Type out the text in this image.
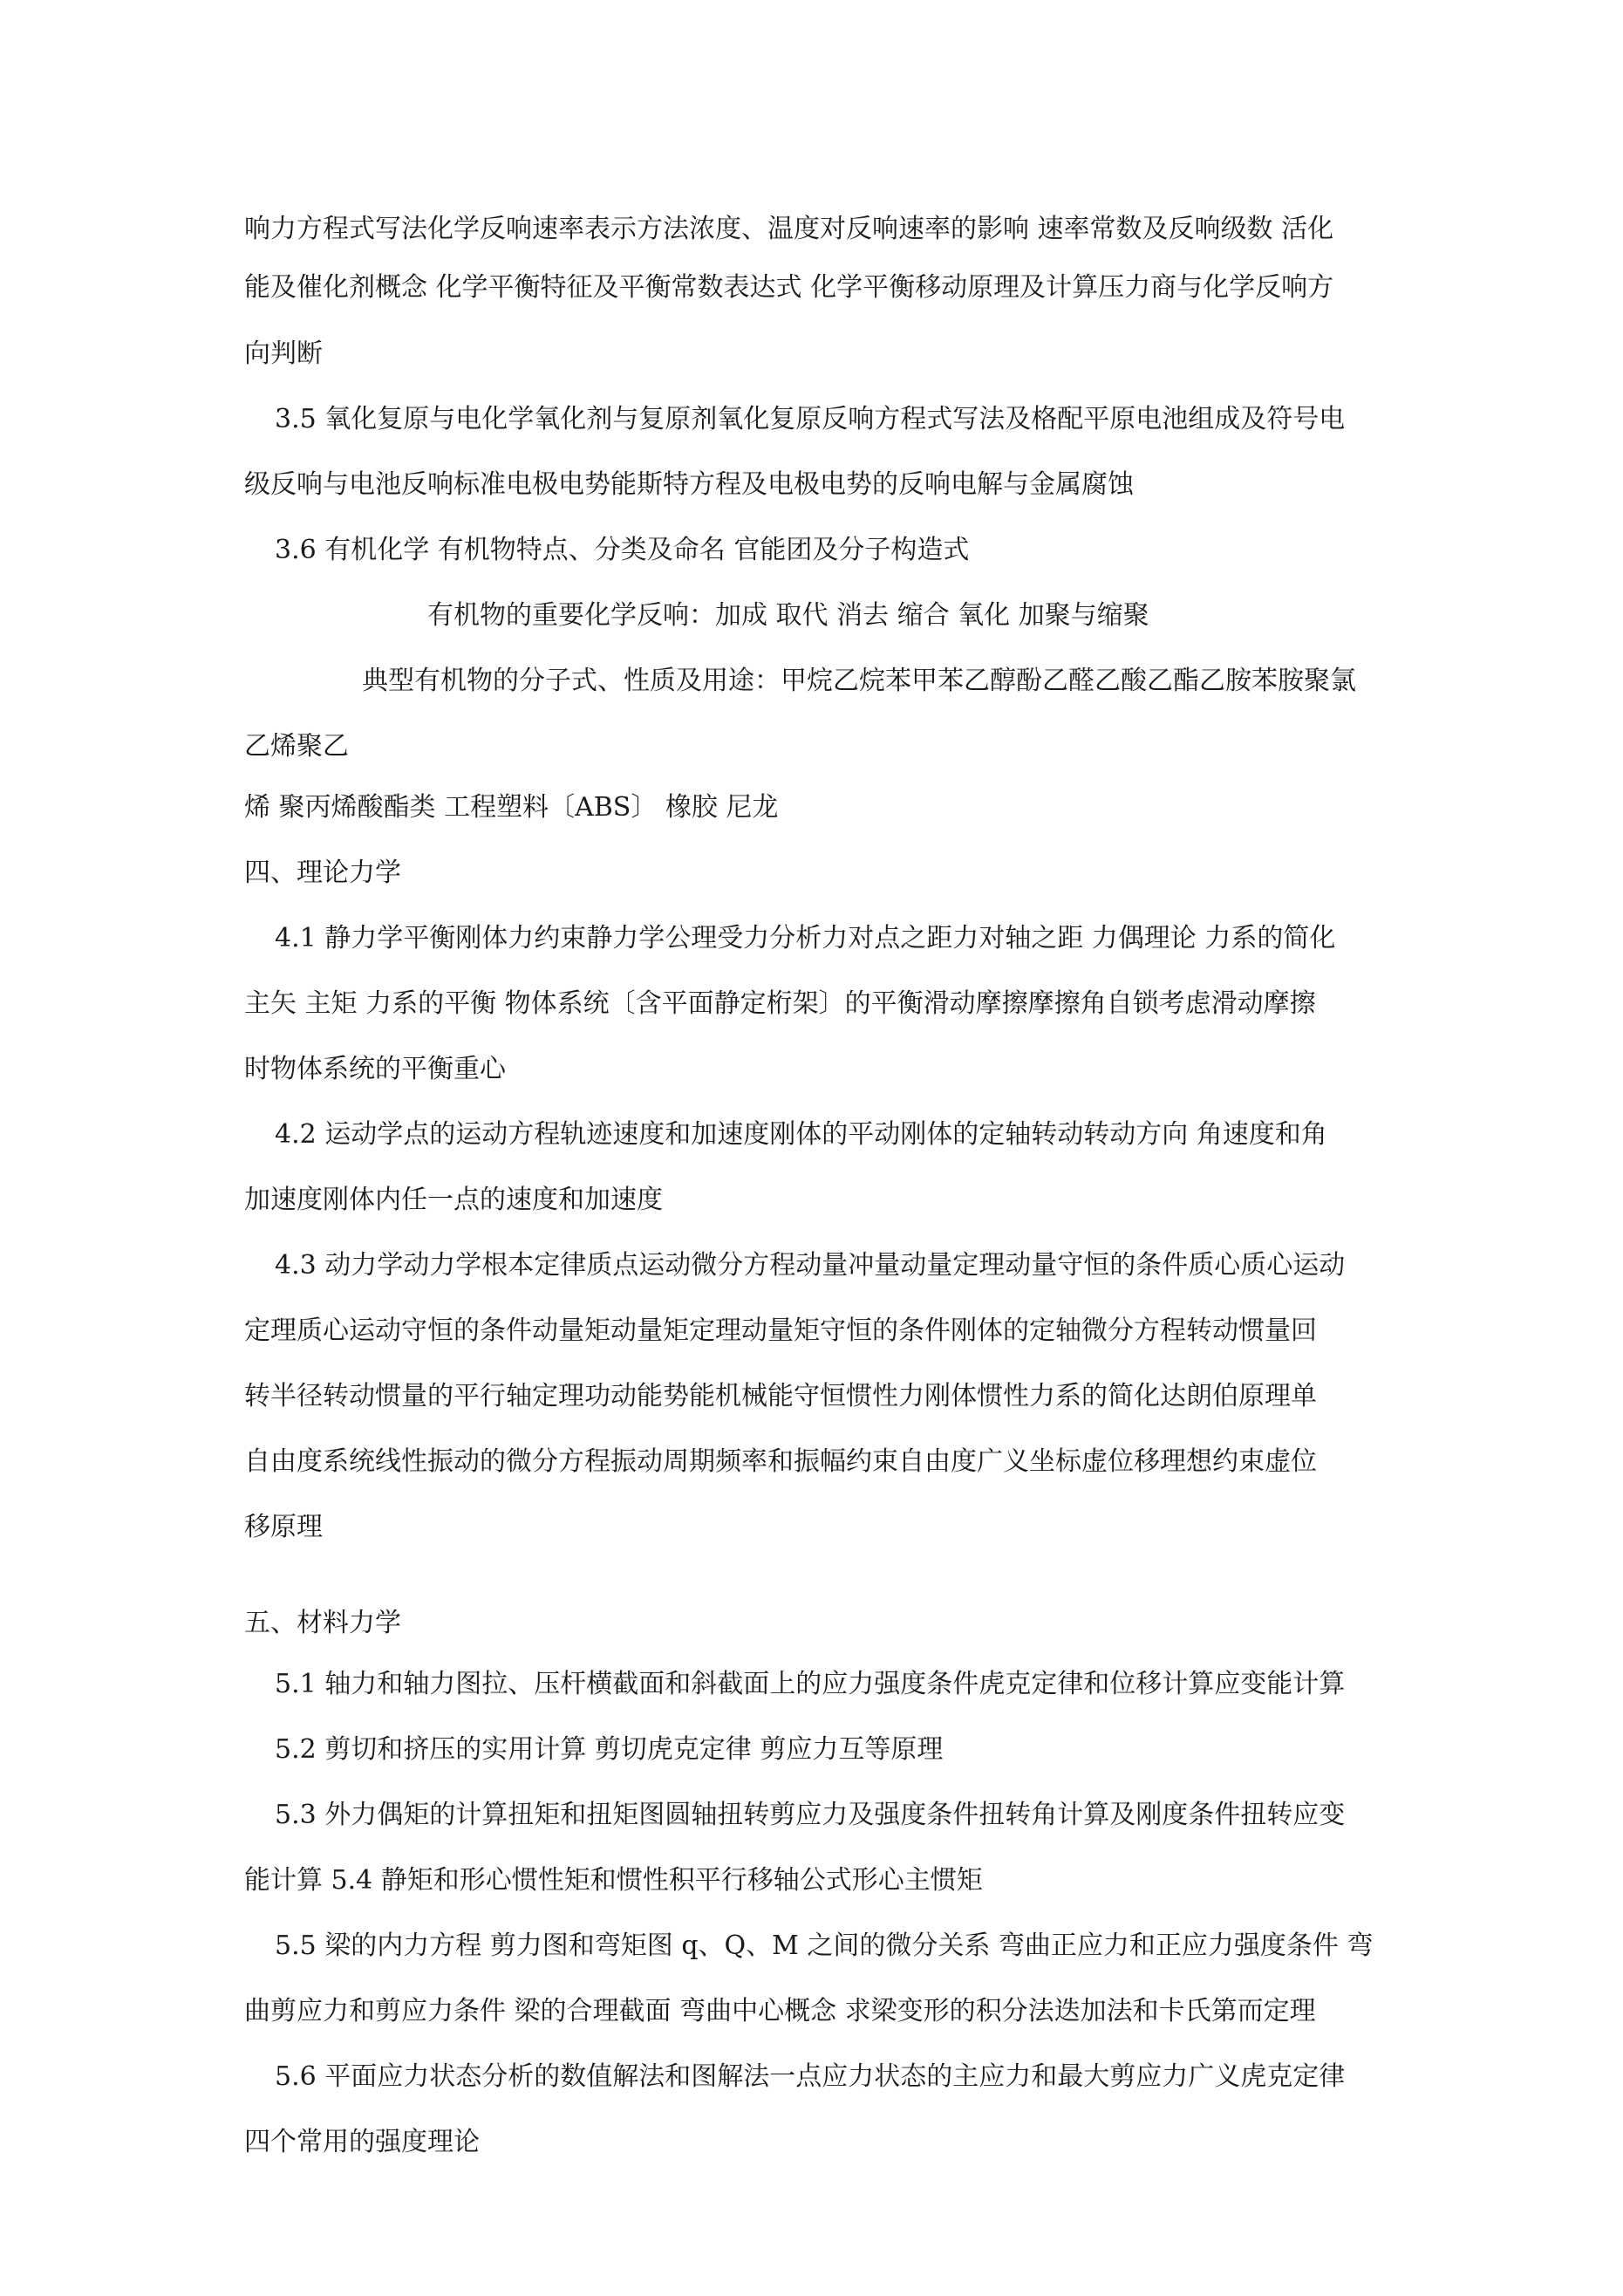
响力方程式写法化学反响速率表示方法浓度、温度对反响速率的影响 速率常数及反响级数 活化
能及催化剂概念 化学平衡特征及平衡常数表达式 化学平衡移动原理及计算压力商与化学反响方
向判断
3.5 氧化复原与电化学氧化剂与复原剂氧化复原反响方程式写法及格配平原电池组成及符号电
级反响与电池反响标准电极电势能斯特方程及电极电势的反响电解与金属腐蚀
3.6 有机化学 有机物特点、分类及命名 官能团及分子构造式
有机物的重要化学反响：加成 取代 消去 缩合 氧化 加聚与缩聚
典型有机物的分子式、性质及用途：甲烷乙烷苯甲苯乙醇酚乙醛乙酸乙酯乙胺苯胺聚氯
乙烯聚乙
烯 聚丙烯酸酯类 工程塑料〔ABS〕 橡胶 尼龙
四、理论力学
4.1 静力学平衡刚体力约束静力学公理受力分析力对点之距力对轴之距 力偶理论 力系的简化
主矢 主矩 力系的平衡 物体系统〔含平面静定桁架〕的平衡滑动摩擦摩擦角自锁考虑滑动摩擦
时物体系统的平衡重心
4.2 运动学点的运动方程轨迹速度和加速度刚体的平动刚体的定轴转动转动方向 角速度和角
加速度刚体内任一点的速度和加速度
4.3 动力学动力学根本定律质点运动微分方程动量冲量动量定理动量守恒的条件质心质心运动
定理质心运动守恒的条件动量矩动量矩定理动量矩守恒的条件刚体的定轴微分方程转动惯量回
转半径转动惯量的平行轴定理功动能势能机械能守恒惯性力刚体惯性力系的简化达朗伯原理单
自由度系统线性振动的微分方程振动周期频率和振幅约束自由度广义坐标虚位移理想约束虚位
移原理
五、材料力学
5.1 轴力和轴力图拉、压杆横截面和斜截面上的应力强度条件虎克定律和位移计算应变能计算
5.2 剪切和挤压的实用计算 剪切虎克定律 剪应力互等原理
5.3 外力偶矩的计算扭矩和扭矩图圆轴扭转剪应力及强度条件扭转角计算及刚度条件扭转应变
能计算 5.4 静矩和形心惯性矩和惯性积平行移轴公式形心主惯矩
5.5 梁的内力方程 剪力图和弯矩图 q、Q、M 之间的微分关系 弯曲正应力和正应力强度条件 弯
曲剪应力和剪应力条件 梁的合理截面 弯曲中心概念 求梁变形的积分法迭加法和卡氏第而定理
5.6 平面应力状态分析的数值解法和图解法一点应力状态的主应力和最大剪应力广义虎克定律
四个常用的强度理论
